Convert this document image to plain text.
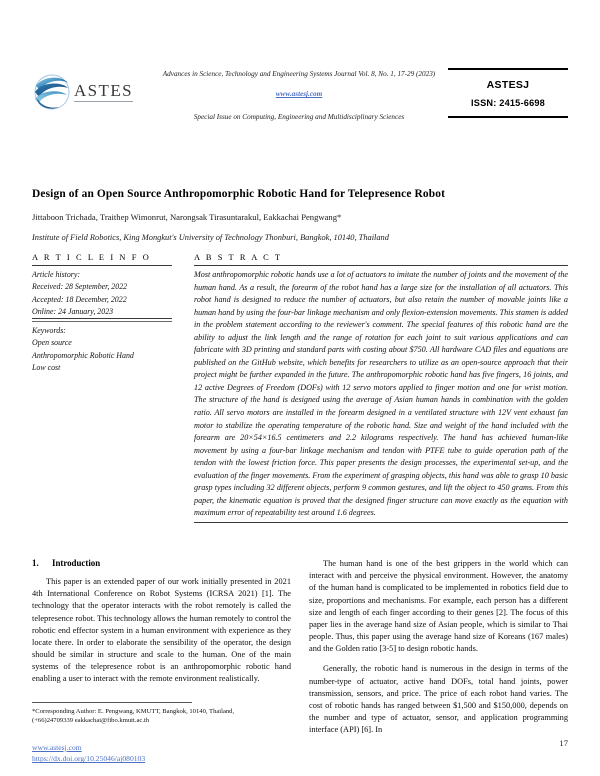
ASTES
Advances in Science, Technology and Engineering Systems Journal Vol. 8, No. 1, 17-29 (2023)
www.astesj.com
Special Issue on Computing, Engineering and Multidisciplinary Sciences
ASTESJ
ISSN: 2415-6698
Design of an Open Source Anthropomorphic Robotic Hand for Telepresence Robot
Jittaboon Trichada, Traithep Wimonrut, Narongsak Tirasuntarakul, Eakkachai Pengwang*
Institute of Field Robotics, King Mongkut's University of Technology Thonburi, Bangkok, 10140, Thailand
A R T I C L E I N F O
Article history:
Received: 28 September, 2022
Accepted: 18 December, 2022
Online: 24 January, 2023
Keywords:
Open source
Anthropomorphic Robotic Hand
Low cost
A B S T R A C T
Most anthropomorphic robotic hands use a lot of actuators to imitate the number of joints and the movement of the human hand. As a result, the forearm of the robot hand has a large size for the installation of all actuators. This robot hand is designed to reduce the number of actuators, but also retain the number of movable joints like a human hand by using the four-bar linkage mechanism and only flexion-extension movements. This stamen is added in the problem statement according to the reviewer's comment. The special features of this robotic hand are the ability to adjust the link length and the range of rotation for each joint to suit various applications and can fabricate with 3D printing and standard parts with costing about $750. All hardware CAD files and equations are published on the GitHub website, which benefits for researchers to utilize as an open-source approach that their project might be further expanded in the future. The anthropomorphic robotic hand has five fingers, 16 joints, and 12 active Degrees of Freedom (DOFs) with 12 servo motors applied to finger motion and one for wrist motion. The structure of the hand is designed using the average of Asian human hands in combination with the golden ratio. All servo motors are installed in the forearm designed in a ventilated structure with 12V vent exhaust fan motor to stabilize the operating temperature of the robotic hand. Size and weight of the hand included with the forearm are 20×54×16.5 centimeters and 2.2 kilograms respectively. The hand has achieved human-like movement by using a four-bar linkage mechanism and tendon with PTFE tube to guide operation path of the tendon with the lowest friction force. This paper presents the design processes, the experimental set-up, and the evaluation of the finger movements. From the experiment of grasping objects, this hand was able to grasp 10 basic grasp types including 32 different objects, perform 9 common gestures, and lift the object to 450 grams. From this paper, the kinematic equation is proved that the designed finger structure can move exactly as the equation with maximum error of repeatability test around 1.6 degrees.
1. Introduction

This paper is an extended paper of our work initially presented in 2021 4th International Conference on Robot Systems (ICRSA 2021) [1]. The technology that the operator interacts with the robot remotely is called the telepresence robot. This technology allows the human remotely to control the robotic end effector system in a human environment with experience as they locate there. In order to elaborate the sensibility of the operator, the design should be similar in structure and scale to the human. One of the main systems of the telepresence robot is an anthropomorphic robotic hand enabling a user to interact with the remote environment realistically.

The human hand is one of the best grippers in the world which can interact with and perceive the physical environment. However, the anatomy of the human hand is complicated to be implemented in robotics field due to size, proportions and mechanisms. For example, each person has a different size and length of each finger according to their genes [2]. The focus of this paper lies in the average hand size of Asian people, which is similar to Thai people. Thus, this paper using the average hand size of Koreans (167 males) and the Golden ratio [3-5] to design robotic hands.

Generally, the robotic hand is numerous in the design in terms of the number-type of actuator, active hand DOFs, total hand joints, power transmission, sensors, and price. The price of each robot hand varies. The cost of robotic hands has ranged between $1,500 and $150,000, depends on the number and type of actuator, sensor, and application programming interface (API) [6]. In

*Corresponding Author: E. Pengwang, KMUTT, Bangkok, 10140, Thailand,
(+66)24709339 eakkachai@fibo.kmutt.ac.th
www.astesj.com
https://dx.doi.org/10.25046/aj080103
17
